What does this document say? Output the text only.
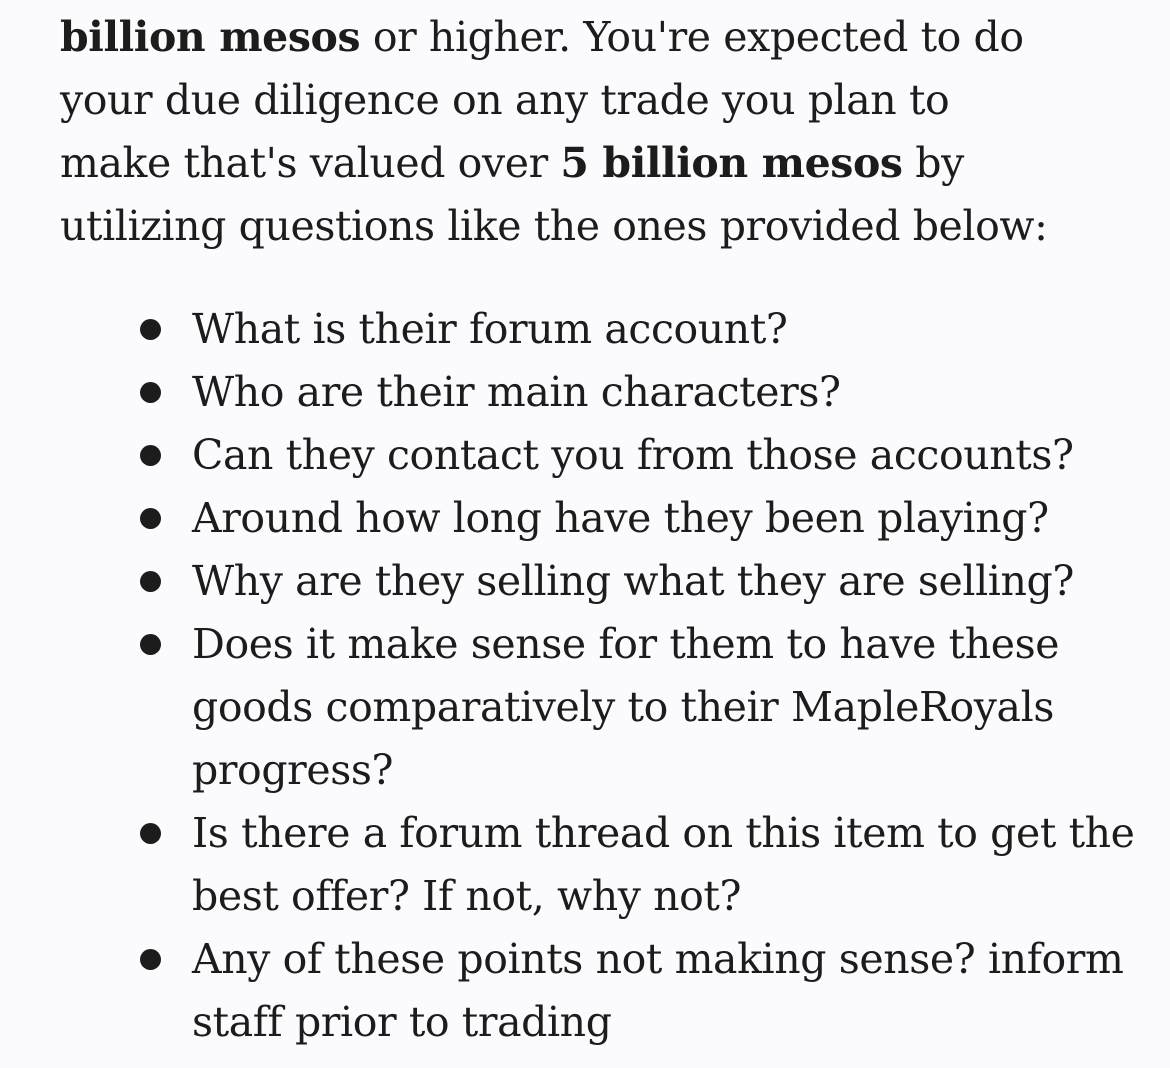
billion mesos or higher. You're expected to do your due diligence on any trade you plan to make that's valued over 5 billion mesos by utilizing questions like the ones provided below:

What is their forum account?
Who are their main characters?
Can they contact you from those accounts?
Around how long have they been playing?
Why are they selling what they are selling?
Does it make sense for them to have these goods comparatively to their MapleRoyals progress?
Is there a forum thread on this item to get the best offer? If not, why not?
Any of these points not making sense? inform staff prior to trading
